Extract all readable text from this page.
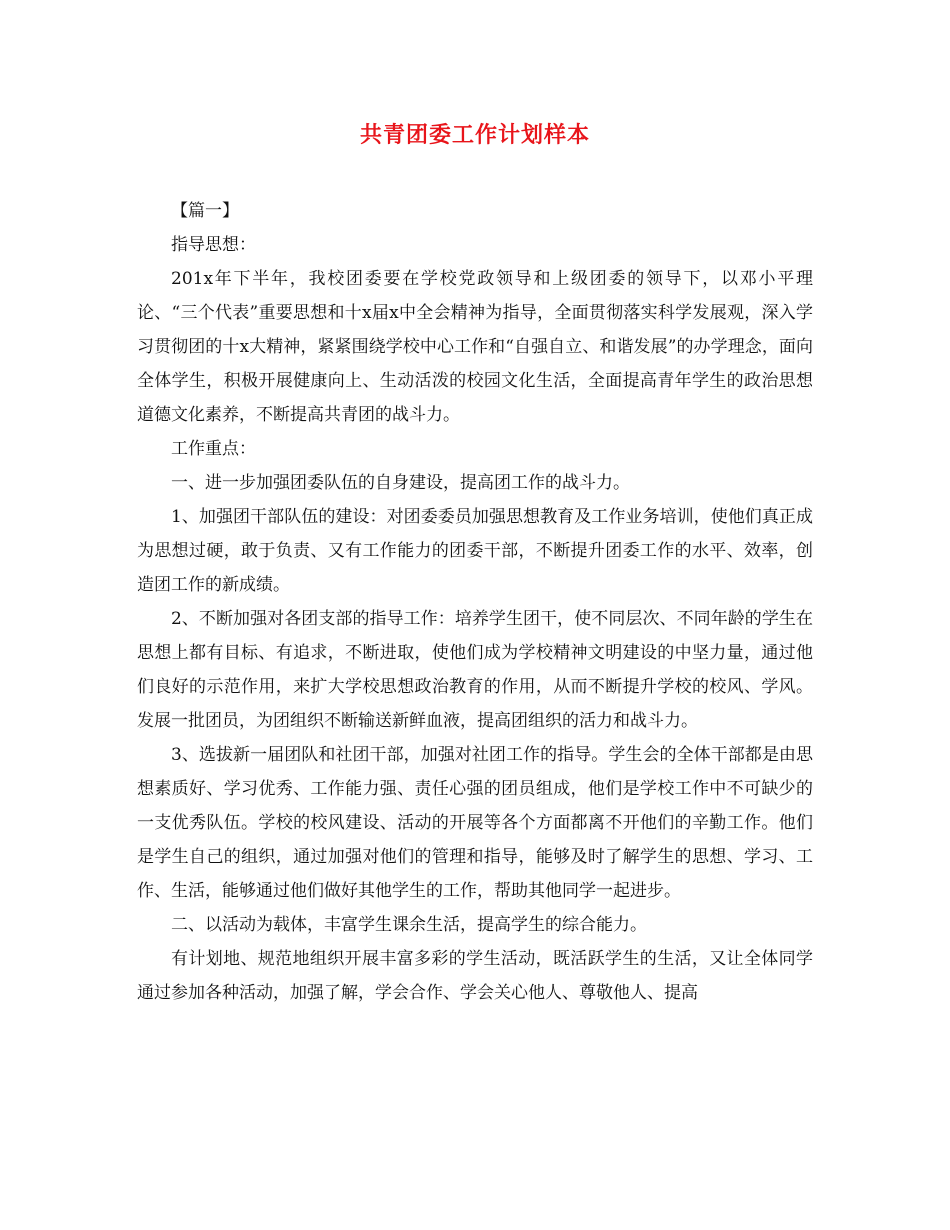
共青团委工作计划样本

【篇一】

指导思想：

201x年下半年，我校团委要在学校党政领导和上级团委的领导下，以邓小平理论、“三个代表”重要思想和十x届x中全会精神为指导，全面贯彻落实科学发展观，深入学习贯彻团的十x大精神，紧紧围绕学校中心工作和“自强自立、和谐发展”的办学理念，面向全体学生，积极开展健康向上、生动活泼的校园文化生活，全面提高青年学生的政治思想道德文化素养，不断提高共青团的战斗力。

工作重点：

一、进一步加强团委队伍的自身建设，提高团工作的战斗力。

1、加强团干部队伍的建设：对团委委员加强思想教育及工作业务培训，使他们真正成为思想过硬，敢于负责、又有工作能力的团委干部，不断提升团委工作的水平、效率，创造团工作的新成绩。

2、不断加强对各团支部的指导工作：培养学生团干，使不同层次、不同年龄的学生在思想上都有目标、有追求，不断进取，使他们成为学校精神文明建设的中坚力量，通过他们良好的示范作用，来扩大学校思想政治教育的作用，从而不断提升学校的校风、学风。发展一批团员，为团组织不断输送新鲜血液，提高团组织的活力和战斗力。

3、选拔新一届团队和社团干部，加强对社团工作的指导。学生会的全体干部都是由思想素质好、学习优秀、工作能力强、责任心强的团员组成，他们是学校工作中不可缺少的一支优秀队伍。学校的校风建设、活动的开展等各个方面都离不开他们的辛勤工作。他们是学生自己的组织，通过加强对他们的管理和指导，能够及时了解学生的思想、学习、工作、生活，能够通过他们做好其他学生的工作，帮助其他同学一起进步。

二、以活动为载体，丰富学生课余生活，提高学生的综合能力。

有计划地、规范地组织开展丰富多彩的学生活动，既活跃学生的生活，又让全体同学通过参加各种活动，加强了解，学会合作、学会关心他人、尊敬他人、提高
